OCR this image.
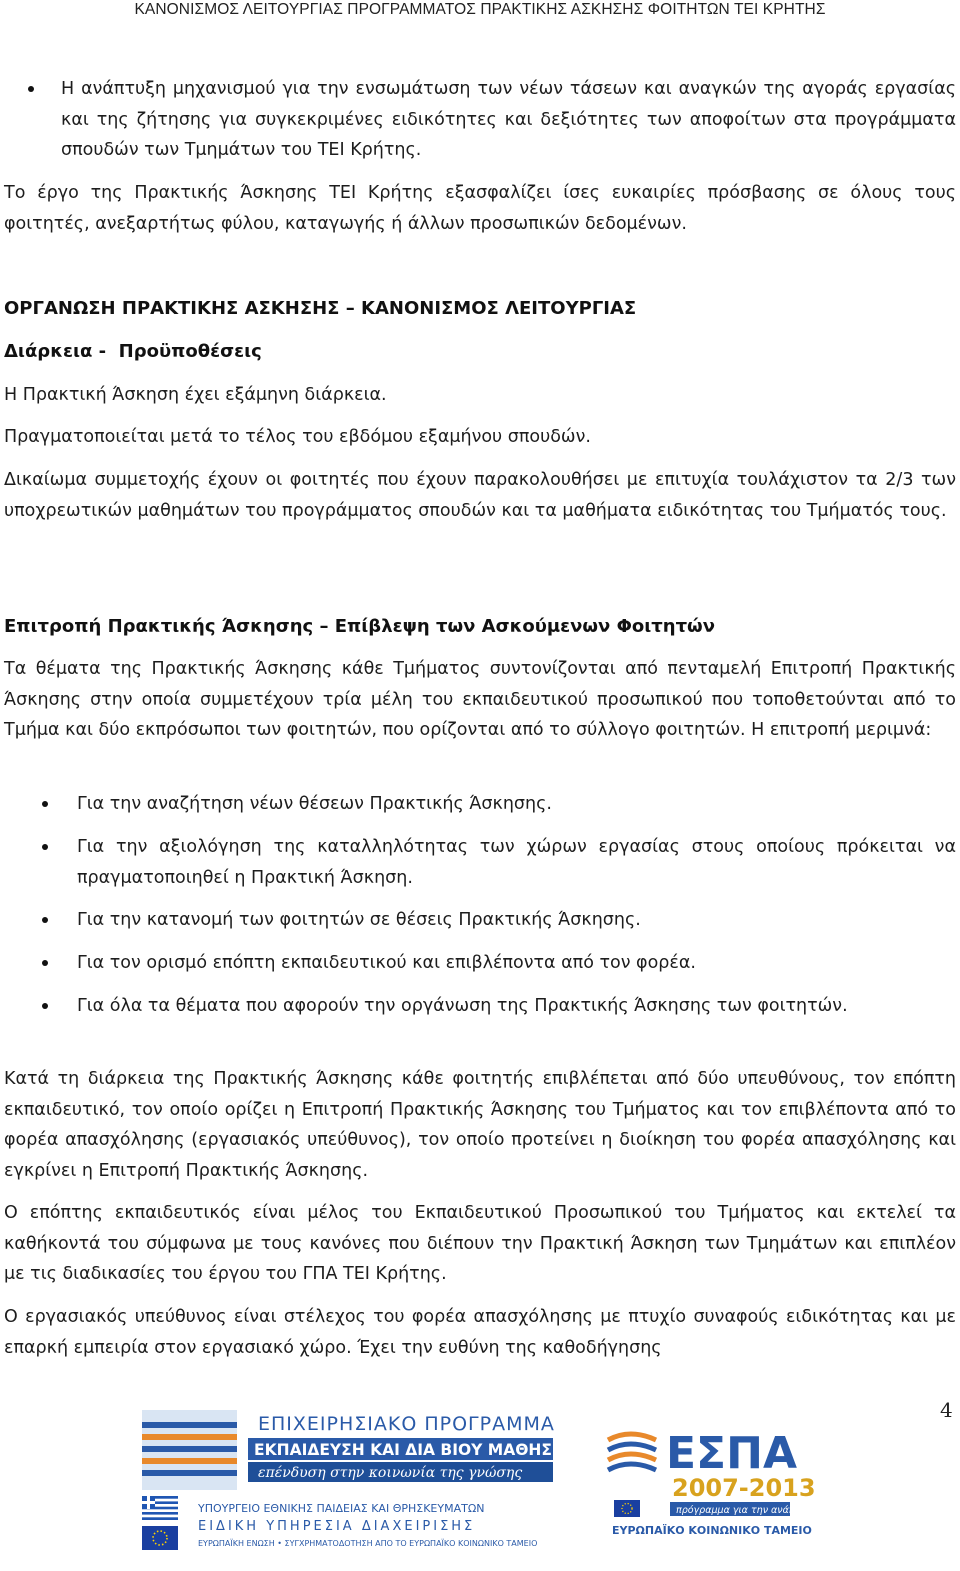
ΚΑΝΟΝΙΣΜΟΣ ΛΕΙΤΟΥΡΓΙΑΣ ΠΡΟΓΡΑΜΜΑΤΟΣ ΠΡΑΚΤΙΚΗΣ ΑΣΚΗΣΗΣ ΦΟΙΤΗΤΩΝ ΤΕΙ ΚΡΗΤΗΣ
Η ανάπτυξη μηχανισμού για την ενσωμάτωση των νέων τάσεων και αναγκών της αγοράς εργασίας και της ζήτησης για συγκεκριμένες ειδικότητες και δεξιότητες των αποφοίτων στα προγράμματα σπουδών των Τμημάτων του ΤΕΙ Κρήτης.
Το έργο της Πρακτικής Άσκησης ΤΕΙ Κρήτης εξασφαλίζει ίσες ευκαιρίες πρόσβασης σε όλους τους φοιτητές, ανεξαρτήτως φύλου, καταγωγής ή άλλων προσωπικών δεδομένων.
ΟΡΓΑΝΩΣΗ ΠΡΑΚΤΙΚΗΣ ΑΣΚΗΣΗΣ – ΚΑΝΟΝΙΣΜΟΣ ΛΕΙΤΟΥΡΓΙΑΣ
Διάρκεια -  Προϋποθέσεις
Η Πρακτική Άσκηση έχει εξάμηνη διάρκεια.
Πραγματοποιείται μετά το τέλος του εβδόμου εξαμήνου σπουδών.
Δικαίωμα συμμετοχής έχουν οι φοιτητές που έχουν παρακολουθήσει με επιτυχία τουλάχιστον τα 2/3 των υποχρεωτικών μαθημάτων του προγράμματος σπουδών και τα μαθήματα ειδικότητας του Τμήματός τους.
Επιτροπή Πρακτικής Άσκησης – Επίβλεψη των Ασκούμενων Φοιτητών
Τα θέματα της Πρακτικής Άσκησης κάθε Τμήματος συντονίζονται από πενταμελή Επιτροπή Πρακτικής Άσκησης στην οποία συμμετέχουν τρία μέλη του εκπαιδευτικού προσωπικού που τοποθετούνται από το Τμήμα και δύο εκπρόσωποι των φοιτητών, που ορίζονται από το σύλλογο φοιτητών. Η επιτροπή μεριμνά:
Για την αναζήτηση νέων θέσεων Πρακτικής Άσκησης.
Για την αξιολόγηση της καταλληλότητας των χώρων εργασίας στους οποίους πρόκειται να πραγματοποιηθεί η Πρακτική Άσκηση.
Για την κατανομή των φοιτητών σε θέσεις Πρακτικής Άσκησης.
Για τον ορισμό επόπτη εκπαιδευτικού και επιβλέποντα από τον φορέα.
Για όλα τα θέματα που αφορούν την οργάνωση της Πρακτικής Άσκησης των φοιτητών.
Κατά τη διάρκεια της Πρακτικής Άσκησης κάθε φοιτητής επιβλέπεται από δύο υπευθύνους, τον επόπτη εκπαιδευτικό, τον οποίο ορίζει η Επιτροπή Πρακτικής Άσκησης του Τμήματος και τον επιβλέποντα από το φορέα απασχόλησης (εργασιακός υπεύθυνος), τον οποίο προτείνει η διοίκηση του φορέα απασχόλησης και εγκρίνει η Επιτροπή Πρακτικής Άσκησης.
Ο επόπτης εκπαιδευτικός είναι μέλος του Εκπαιδευτικού Προσωπικού του Τμήματος και εκτελεί τα καθήκοντά του σύμφωνα με τους κανόνες που διέπουν την Πρακτική Άσκηση των Τμημάτων και επιπλέον με τις διαδικασίες του έργου του ΓΠΑ ΤΕΙ Κρήτης.
Ο εργασιακός υπεύθυνος είναι στέλεχος του φορέα απασχόλησης με πτυχίο συναφούς ειδικότητας και με επαρκή εμπειρία στον εργασιακό χώρο. Έχει την ευθύνη της καθοδήγησης
4
ΕΠΙΧΕΙΡΗΣΙΑΚΟ ΠΡΟΓΡΑΜΜΑ
ΕΚΠΑΙΔΕΥΣΗ ΚΑΙ ΔΙΑ ΒΙΟΥ ΜΑΘΗΣΗ
επένδυση στην κοινωνία της γνώσης
ΥΠΟΥΡΓΕΙΟ ΕΘΝΙΚΗΣ ΠΑΙΔΕΙΑΣ ΚΑΙ ΘΡΗΣΚΕΥΜΑΤΩΝ
ΕΙΔΙΚΗ ΥΠΗΡΕΣΙΑ ΔΙΑΧΕΙΡΙΣΗΣ
ΕΥΡΩΠΑΪΚΗ ΕΝΩΣΗ • ΣΥΓΧΡΗΜΑΤΟΔΟΤΗΣΗ ΑΠΟ ΤΟ ΕΥΡΩΠΑΪΚΟ ΚΟΙΝΩΝΙΚΟ ΤΑΜΕΙΟ
ΕΣΠΑ
2007-2013
πρόγραμμα για την ανάπτυξη
ΕΥΡΩΠΑΪΚΟ ΚΟΙΝΩΝΙΚΟ ΤΑΜΕΙΟ
